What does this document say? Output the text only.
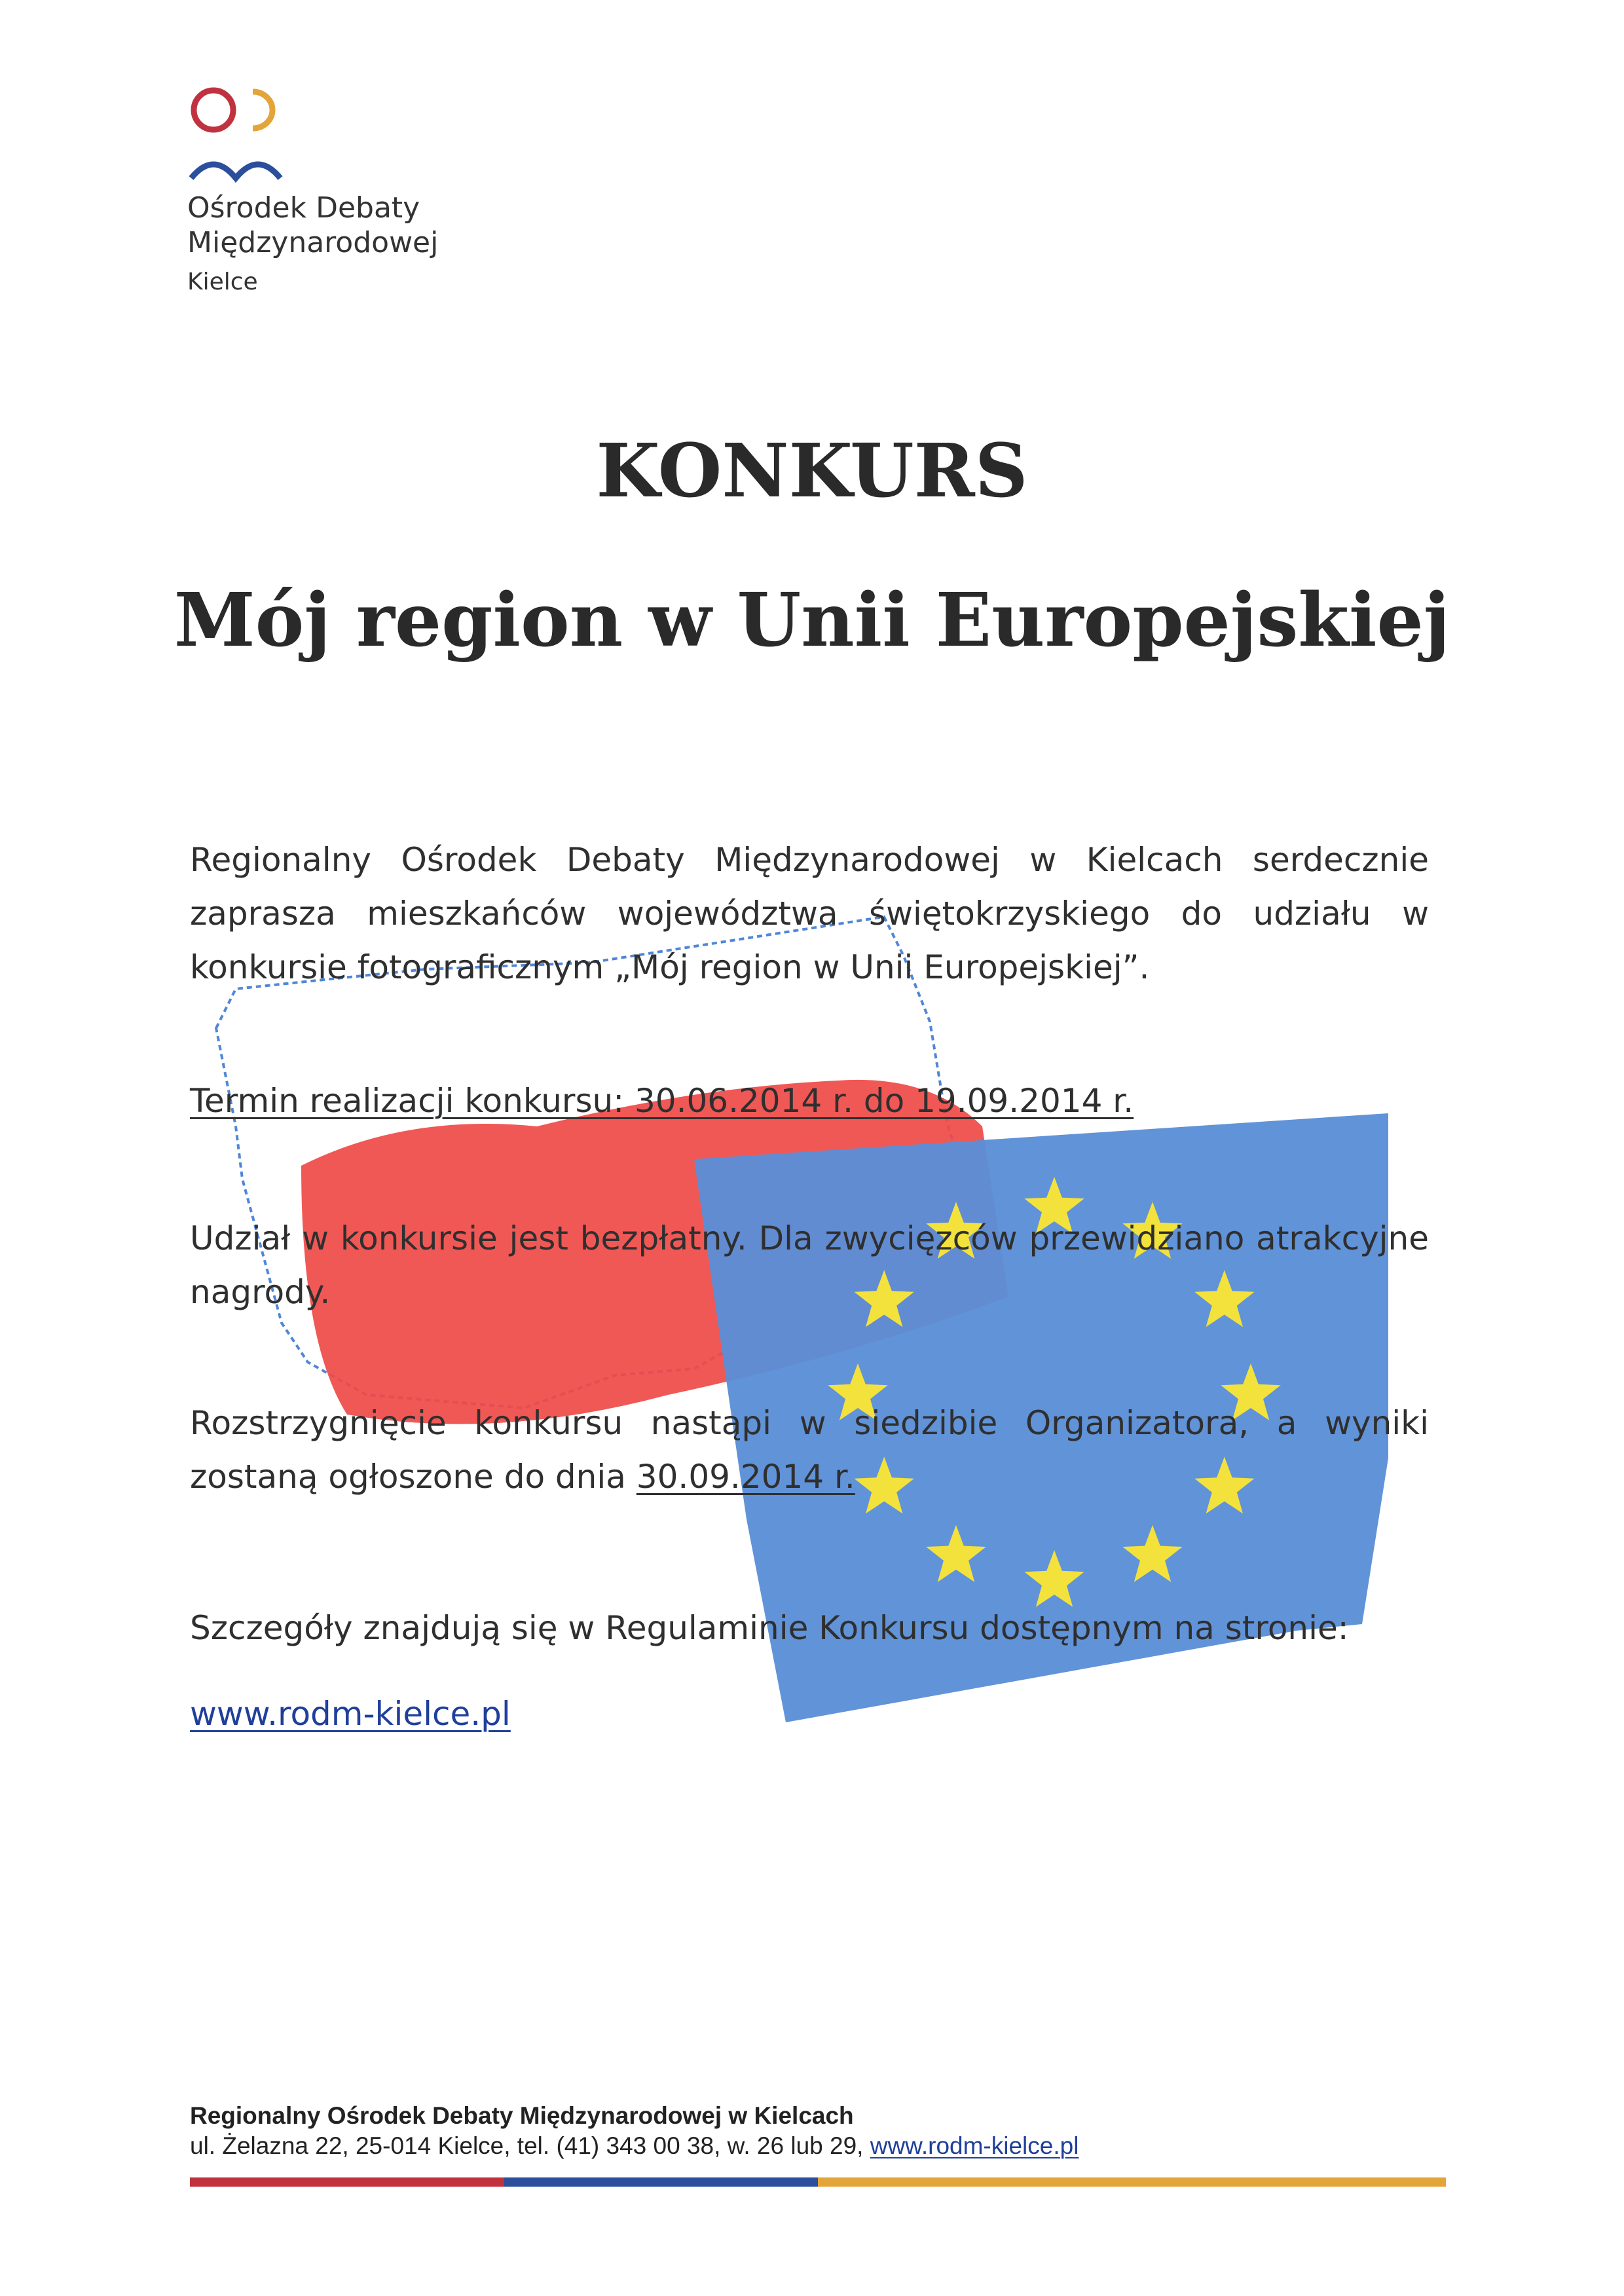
Ośrodek Debaty
Międzynarodowej
Kielce
KONKURS
Mój region w Unii Europejskiej
Regionalny Ośrodek Debaty Międzynarodowej w Kielcach serdecznie zaprasza mieszkańców województwa świętokrzyskiego do udziału w konkursie fotograficznym „Mój region w Unii Europejskiej”.
Termin realizacji konkursu: 30.06.2014 r. do 19.09.2014 r.
Udział w konkursie jest bezpłatny. Dla zwycięzców przewidziano atrakcyjne nagrody.
Rozstrzygnięcie konkursu nastąpi w siedzibie Organizatora, a wyniki zostaną ogłoszone do dnia 30.09.2014 r.
Szczegóły znajdują się w Regulaminie Konkursu dostępnym na stronie:
www.rodm-kielce.pl
Regionalny Ośrodek Debaty Międzynarodowej w Kielcach
ul. Żelazna 22, 25-014 Kielce, tel. (41) 343 00 38, w. 26 lub 29, www.rodm-kielce.pl
